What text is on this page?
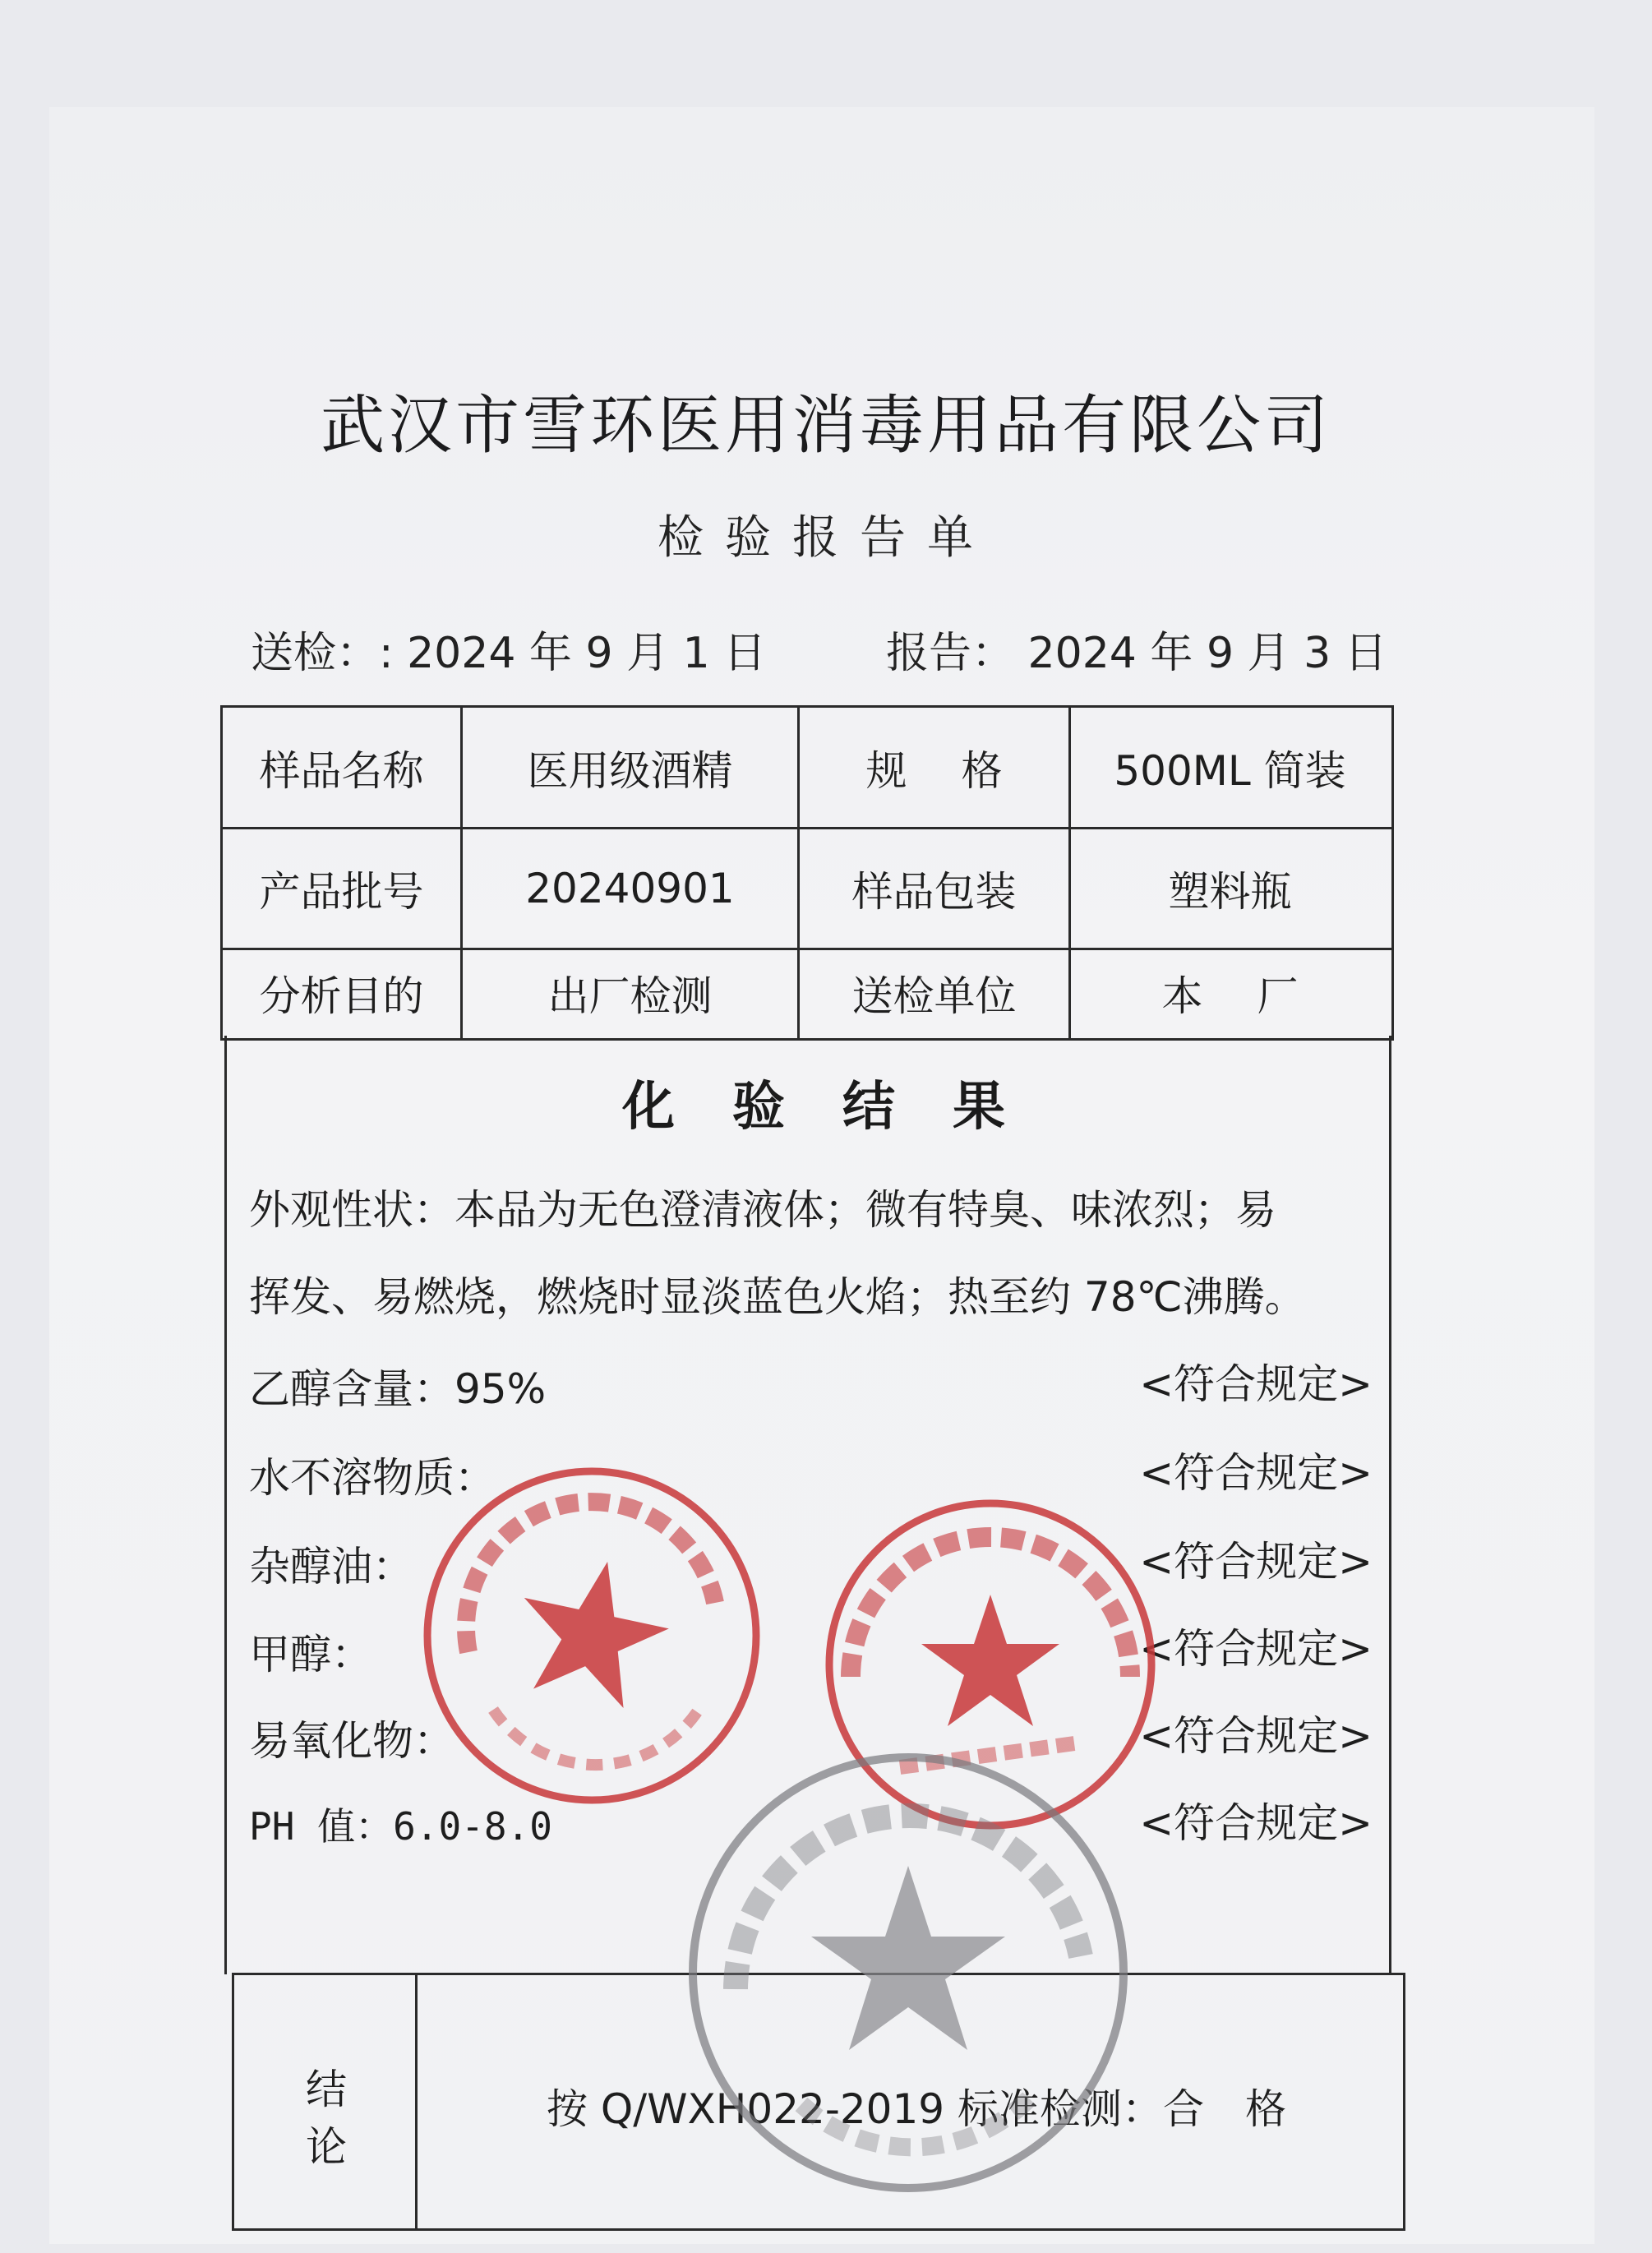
武汉市雪环医用消毒用品有限公司
检验报告单
送检：: 2024 年 9 月 1 日	报告： 2024 年 9 月 3 日
样品名称	医用级酒精	规　 格	500ML 简装
产品批号	20240901	样品包装	塑料瓶
分析目的	出厂检测	送检单位	本　 厂
化验结果
外观性状：本品为无色澄清液体；微有特臭、味浓烈；易
挥发、易燃烧，燃烧时显淡蓝色火焰；热至约 78℃沸腾。
乙醇含量：95%	<符合规定>
水不溶物质：	<符合规定>
杂醇油：	<符合规定>
甲醇：	<符合规定>
易氧化物：	<符合规定>
PH 值：6.0-8.0	<符合规定>
结
论
按 Q/WXH022-2019 标准检测：合　格
